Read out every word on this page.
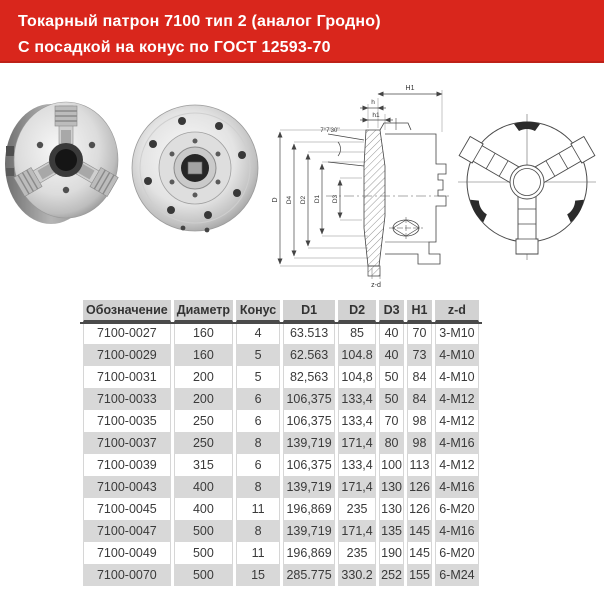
Токарный патрон 7100 тип 2 (аналог Гродно)
С посадкой на конус по ГОСТ 12593-70
D D4 D2 D1 D3
7°7'30''
H1
h
h1
z-d
Обозначение	Диаметр	Конус	D1	D2	D3	H1	z-d
7100-0027	160	4	63.513	85	40	70	3-M10
7100-0029	160	5	62.563	104.8	40	73	4-M10
7100-0031	200	5	82,563	104,8	50	84	4-M10
7100-0033	200	6	106,375	133,4	50	84	4-M12
7100-0035	250	6	106,375	133,4	70	98	4-M12
7100-0037	250	8	139,719	171,4	80	98	4-M16
7100-0039	315	6	106,375	133,4	100	113	4-M12
7100-0043	400	8	139,719	171,4	130	126	4-M16
7100-0045	400	11	196,869	235	130	126	6-M20
7100-0047	500	8	139,719	171,4	135	145	4-M16
7100-0049	500	11	196,869	235	190	145	6-M20
7100-0070	500	15	285.775	330.2	252	155	6-M24
